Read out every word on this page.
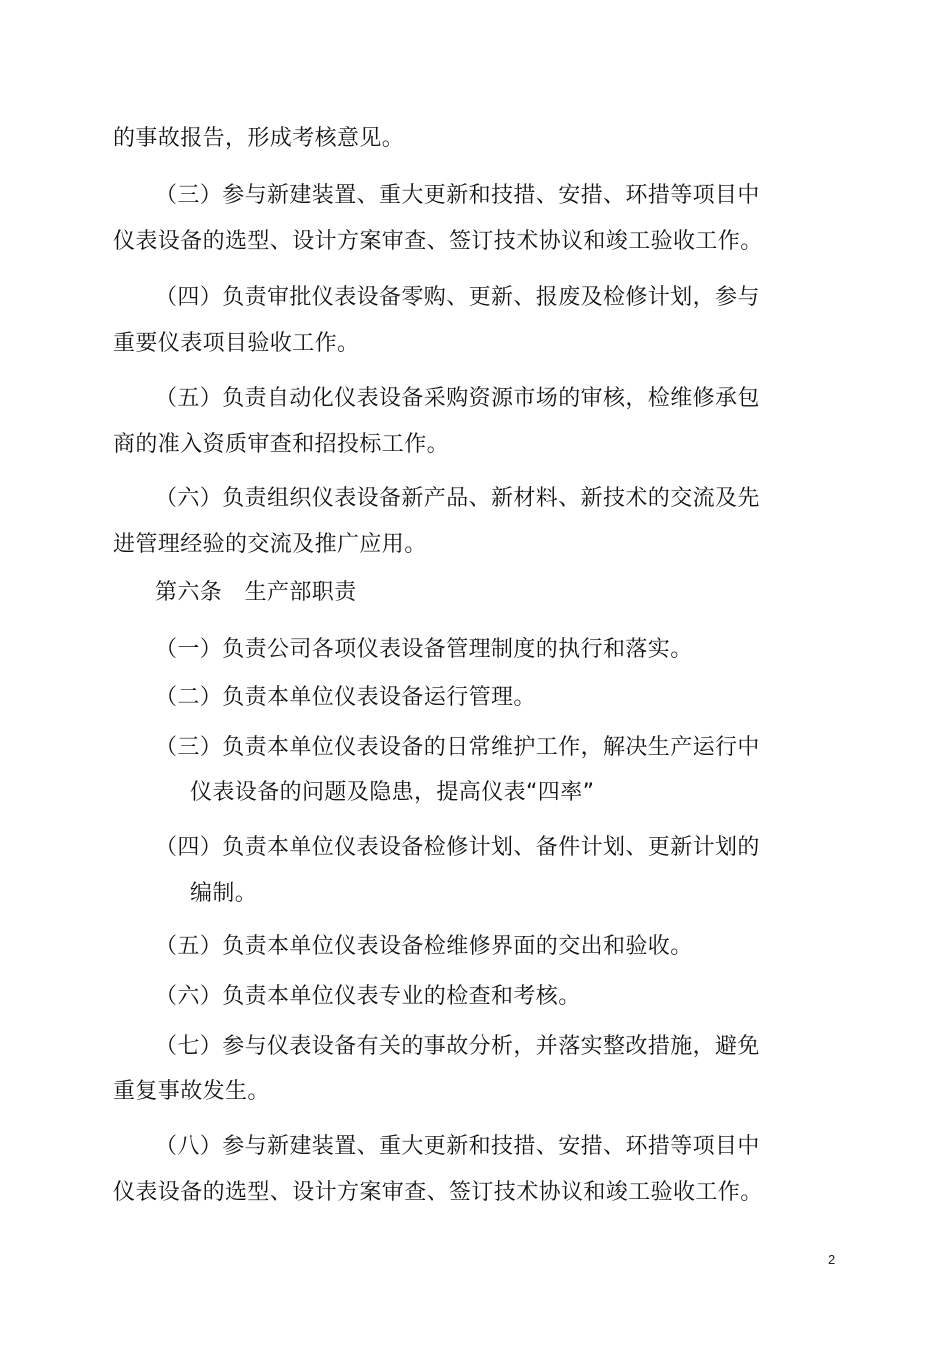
的事故报告，形成考核意见。
（三）参与新建装置、重大更新和技措、安措、环措等项目中
仪表设备的选型、设计方案审查、签订技术协议和竣工验收工作。
（四）负责审批仪表设备零购、更新、报废及检修计划，参与
重要仪表项目验收工作。
（五）负责自动化仪表设备采购资源市场的审核，检维修承包
商的准入资质审查和招投标工作。
（六）负责组织仪表设备新产品、新材料、新技术的交流及先
进管理经验的交流及推广应用。
第六条　生产部职责
（一）负责公司各项仪表设备管理制度的执行和落实。
（二）负责本单位仪表设备运行管理。
（三）负责本单位仪表设备的日常维护工作，解决生产运行中
仪表设备的问题及隐患，提高仪表“四率”
（四）负责本单位仪表设备检修计划、备件计划、更新计划的
编制。
（五）负责本单位仪表设备检维修界面的交出和验收。
（六）负责本单位仪表专业的检查和考核。
（七）参与仪表设备有关的事故分析，并落实整改措施，避免
重复事故发生。
（八）参与新建装置、重大更新和技措、安措、环措等项目中
仪表设备的选型、设计方案审查、签订技术协议和竣工验收工作。
2
